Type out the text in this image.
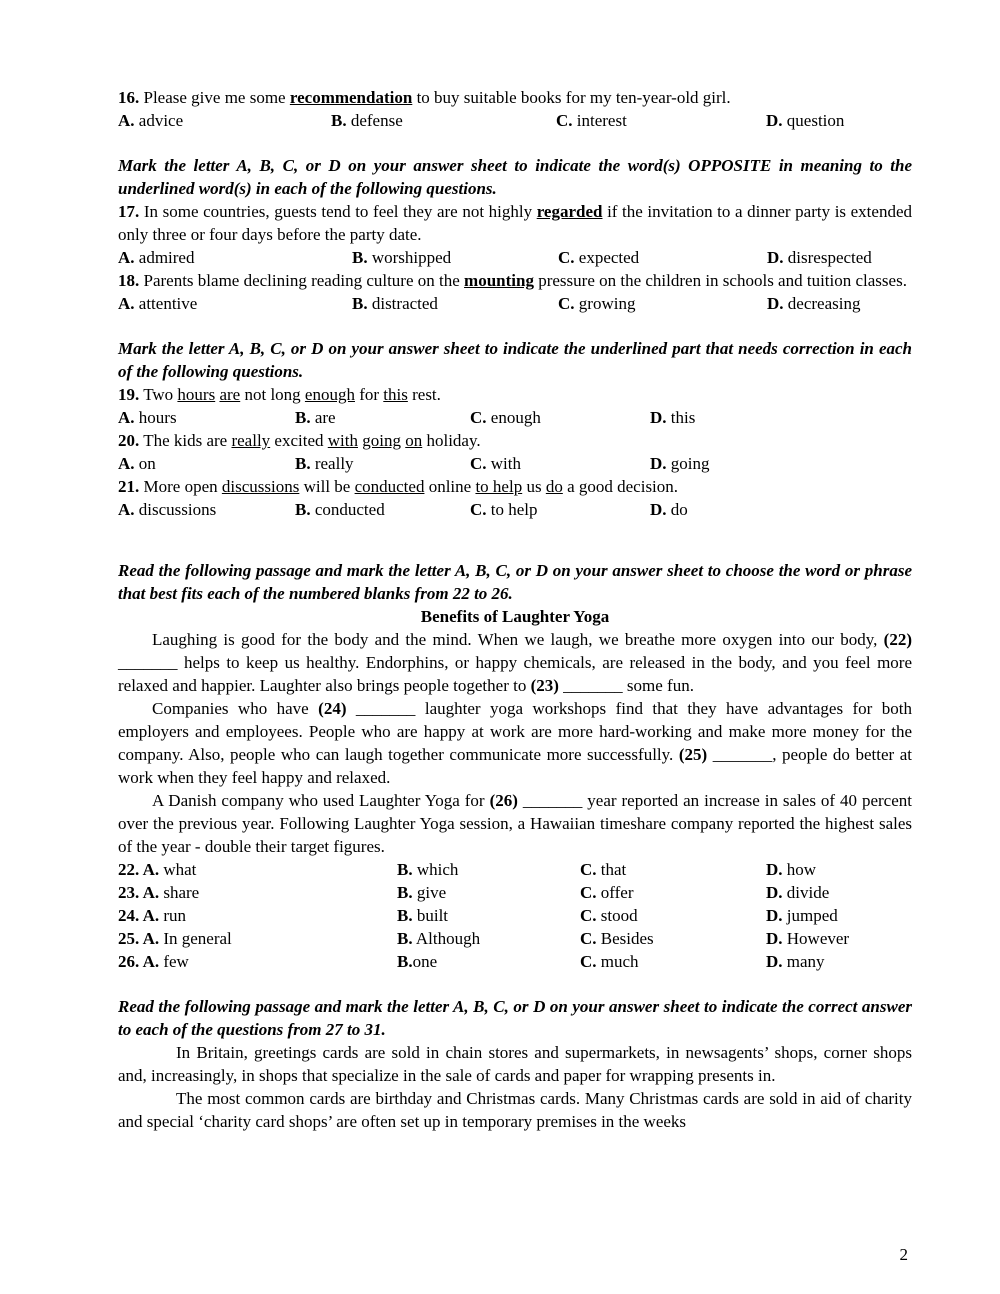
16. Please give me some recommendation to buy suitable books for my ten-year-old girl.
A. advice	B. defense	C. interest	D. question
Mark the letter A, B, C, or D on your answer sheet to indicate the word(s) OPPOSITE in meaning to the underlined word(s) in each of the following questions.
17. In some countries, guests tend to feel they are not highly regarded if the invitation to a dinner party is extended only three or four days before the party date.
A. admired	B. worshipped	C. expected	D. disrespected
18. Parents blame declining reading culture on the mounting pressure on the children in schools and tuition classes.
A. attentive	B. distracted	C. growing	D. decreasing
Mark the letter A, B, C, or D on your answer sheet to indicate the underlined part that needs correction in each of the following questions.
19. Two hours are not long enough for this rest.
A. hours	B. are	C. enough	D. this
20. The kids are really excited with going on holiday.
A. on	B. really	C. with	D. going
21. More open discussions will be conducted online to help us do a good decision.
A. discussions	B. conducted	C. to help	D. do
Read the following passage and mark the letter A, B, C, or D on your answer sheet to choose the word or phrase that best fits each of the numbered blanks from 22 to 26.
Benefits of Laughter Yoga
Laughing is good for the body and the mind. When we laugh, we breathe more oxygen into our body, (22) _______ helps to keep us healthy. Endorphins, or happy chemicals, are released in the body, and you feel more relaxed and happier. Laughter also brings people together to (23) _______ some fun.
Companies who have (24) _______ laughter yoga workshops find that they have advantages for both employers and employees. People who are happy at work are more hard-working and make more money for the company. Also, people who can laugh together communicate more successfully. (25) _______, people do better at work when they feel happy and relaxed.
A Danish company who used Laughter Yoga for (26) _______ year reported an increase in sales of 40 percent over the previous year. Following Laughter Yoga session, a Hawaiian timeshare company reported the highest sales of the year - double their target figures.
22. A. what	B. which	C. that	D. how
23. A. share	B. give	C. offer	D. divide
24. A. run	B. built	C. stood	D. jumped
25. A. In general	B. Although	C. Besides	D. However
26. A. few	B.one	C. much	D. many
Read the following passage and mark the letter A, B, C, or D on your answer sheet to indicate the correct answer to each of the questions from 27 to 31.
In Britain, greetings cards are sold in chain stores and supermarkets, in newsagents’ shops, corner shops and, increasingly, in shops that specialize in the sale of cards and paper for wrapping presents in.
The most common cards are birthday and Christmas cards. Many Christmas cards are sold in aid of charity and special ‘charity card shops’ are often set up in temporary premises in the weeks
2
